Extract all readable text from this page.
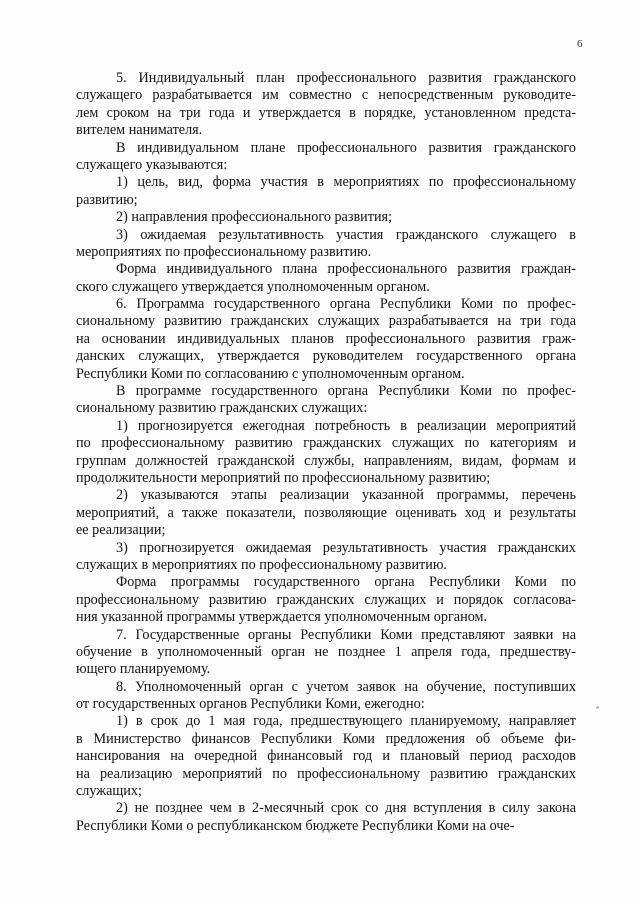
6
5. Индивидуальный план профессионального развития гражданского
служащего разрабатывается им совместно с непосредственным руководите-
лем сроком на три года и утверждается в порядке, установленном предста-
вителем нанимателя.
В индивидуальном плане профессионального развития гражданского
служащего указываются:
1) цель, вид, форма участия в мероприятиях по профессиональному
развитию;
2) направления профессионального развития;
3) ожидаемая результативность участия гражданского служащего в
мероприятиях по профессиональному развитию.
Форма индивидуального плана профессионального развития граждан-
ского служащего утверждается уполномоченным органом.
6. Программа государственного органа Республики Коми по профес-
сиональному развитию гражданских служащих разрабатывается на три года
на основании индивидуальных планов профессионального развития граж-
данских служащих, утверждается руководителем государственного органа
Республики Коми по согласованию с уполномоченным органом.
В программе государственного органа Республики Коми по профес-
сиональному развитию гражданских служащих:
1) прогнозируется ежегодная потребность в реализации мероприятий
по профессиональному развитию гражданских служащих по категориям и
группам должностей гражданской службы, направлениям, видам, формам и
продолжительности мероприятий по профессиональному развитию;
2) указываются этапы реализации указанной программы, перечень
мероприятий, а также показатели, позволяющие оценивать ход и результаты
ее реализации;
3) прогнозируется ожидаемая результативность участия гражданских
служащих в мероприятиях по профессиональному развитию.
Форма программы государственного органа Республики Коми по
профессиональному развитию гражданских служащих и порядок согласова-
ния указанной программы утверждается уполномоченным органом.
7. Государственные органы Республики Коми представляют заявки на
обучение в уполномоченный орган не позднее 1 апреля года, предшеству-
ющего планируемому.
8. Уполномоченный орган с учетом заявок на обучение, поступивших
от государственных органов Республики Коми, ежегодно:
1) в срок до 1 мая года, предшествующего планируемому, направляет
в Министерство финансов Республики Коми предложения об объеме фи-
нансирования на очередной финансовый год и плановый период расходов
на реализацию мероприятий по профессиональному развитию гражданских
служащих;
2) не позднее чем в 2-месячный срок со дня вступления в силу закона
Республики Коми о республиканском бюджете Республики Коми на оче-
